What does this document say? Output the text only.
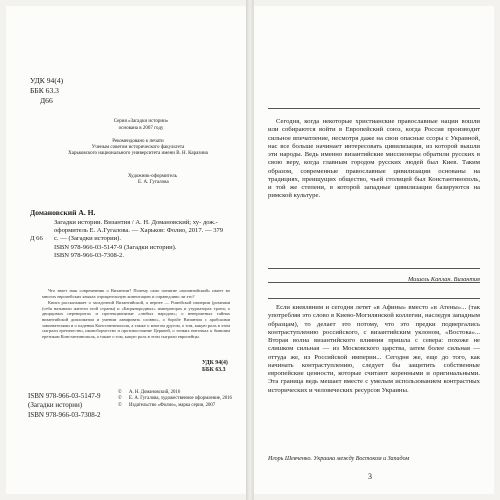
УДК 94(4)
ББК 63.3
Д66
Серия «Загадки истории»
основана в 2007 году
Рекомендовано к печати
Ученым советом исторического факультета
Харьковского национального университета имени В. Н. Каразина
Художник-оформитель
Е. А. Гугалова
Домановский А. Н.
Д 66
Загадки истории. Византия / А. Н. Домановский; ху- дож.-оформитель Е. А.Гугалова. — Харьков: Фолио, 2017. — 379 с. — (Загадки истории).
ISBN 978-966-03-5147-9 (Загадки истории).
ISBN 978-966-03-7308-2.

Что знает наш современник о Византии? Почему само понятие «византийский» имеет во многих европейских языках отрицательную коннотацию и справедливо ли это?

Книга рассказывает о загадочной Византийской, а вернее — Ромейской империи (ромеями (себя называли жители этой страны) и «Багрянородных» императорах и узурпаторах трона; о дворцовых переворотах и протекционизме «любых народов»; о невероятных тайнах византийской дипломатии и умении лавировать словно», о борьбе Византии с арабскими завоевателями и о падении Константинополя, а также о многом другом, о том, какую роль в этом сыграли еретичество, иконоборчество и противостояние Церквей, о тонких ниточках к бывшим еретикам Константинополя, а также о том, какую роль в этом сыграли европейцы.

УДК 94(4)
ББК 63.3
ISBN 978-966-03-5147-9
(Загадки истории)
ISBN 978-966-03-7308-2
©	А. Н. Домановский, 2016
©	Е. А. Гугалова, художественное оформление, 2016
©	Издательство «Фолио», марка серии, 2007
Сегодня, когда некоторые христианские православные нации вошли или собираются войти в Европейский союз, когда Россия производит сильное впечатление, несмотря даже на свои опасные ссоры с Украиной, нас все больше начинает интересовать цивилизация, из которой вышли эти народы. Ведь именно византийские миссионеры обратили русских в свою веру, когда главным городом русских людей был Киев. Таким образом, современные православные цивилизации основаны на традициях, преищущих общество, чьей столицей был Константинополь, и той же степени, в которой западные цивилизации базируются на римской культуре.
Мишель Каплан. Византия
Если киевляним и сегодня летят «в Афины» вместо «в Атены»... (так употребляя это слово в Киево-Могилянской коллегии, наследуя западным образцам), то делает это потому, что это предки подвергались контраступлению российского, с византийским уклоном, «Востока»... Вторая волна византийского влияния пришла с севера: похоже не слишком сильная — из Московского царства, затем более сильная — оттуда же, из Российской империи... Сегодня же, еще до того, как начинать контраступлению, следует бы защитить собственные европейские ценности, которые считают коренными и оригинальными. Эта граница ведь мешает вместе с умелым использованием контрастных исторических и человеческих ресурсов Украины.
Игорь Шевченко. Украина между Востоком и Западом
3
